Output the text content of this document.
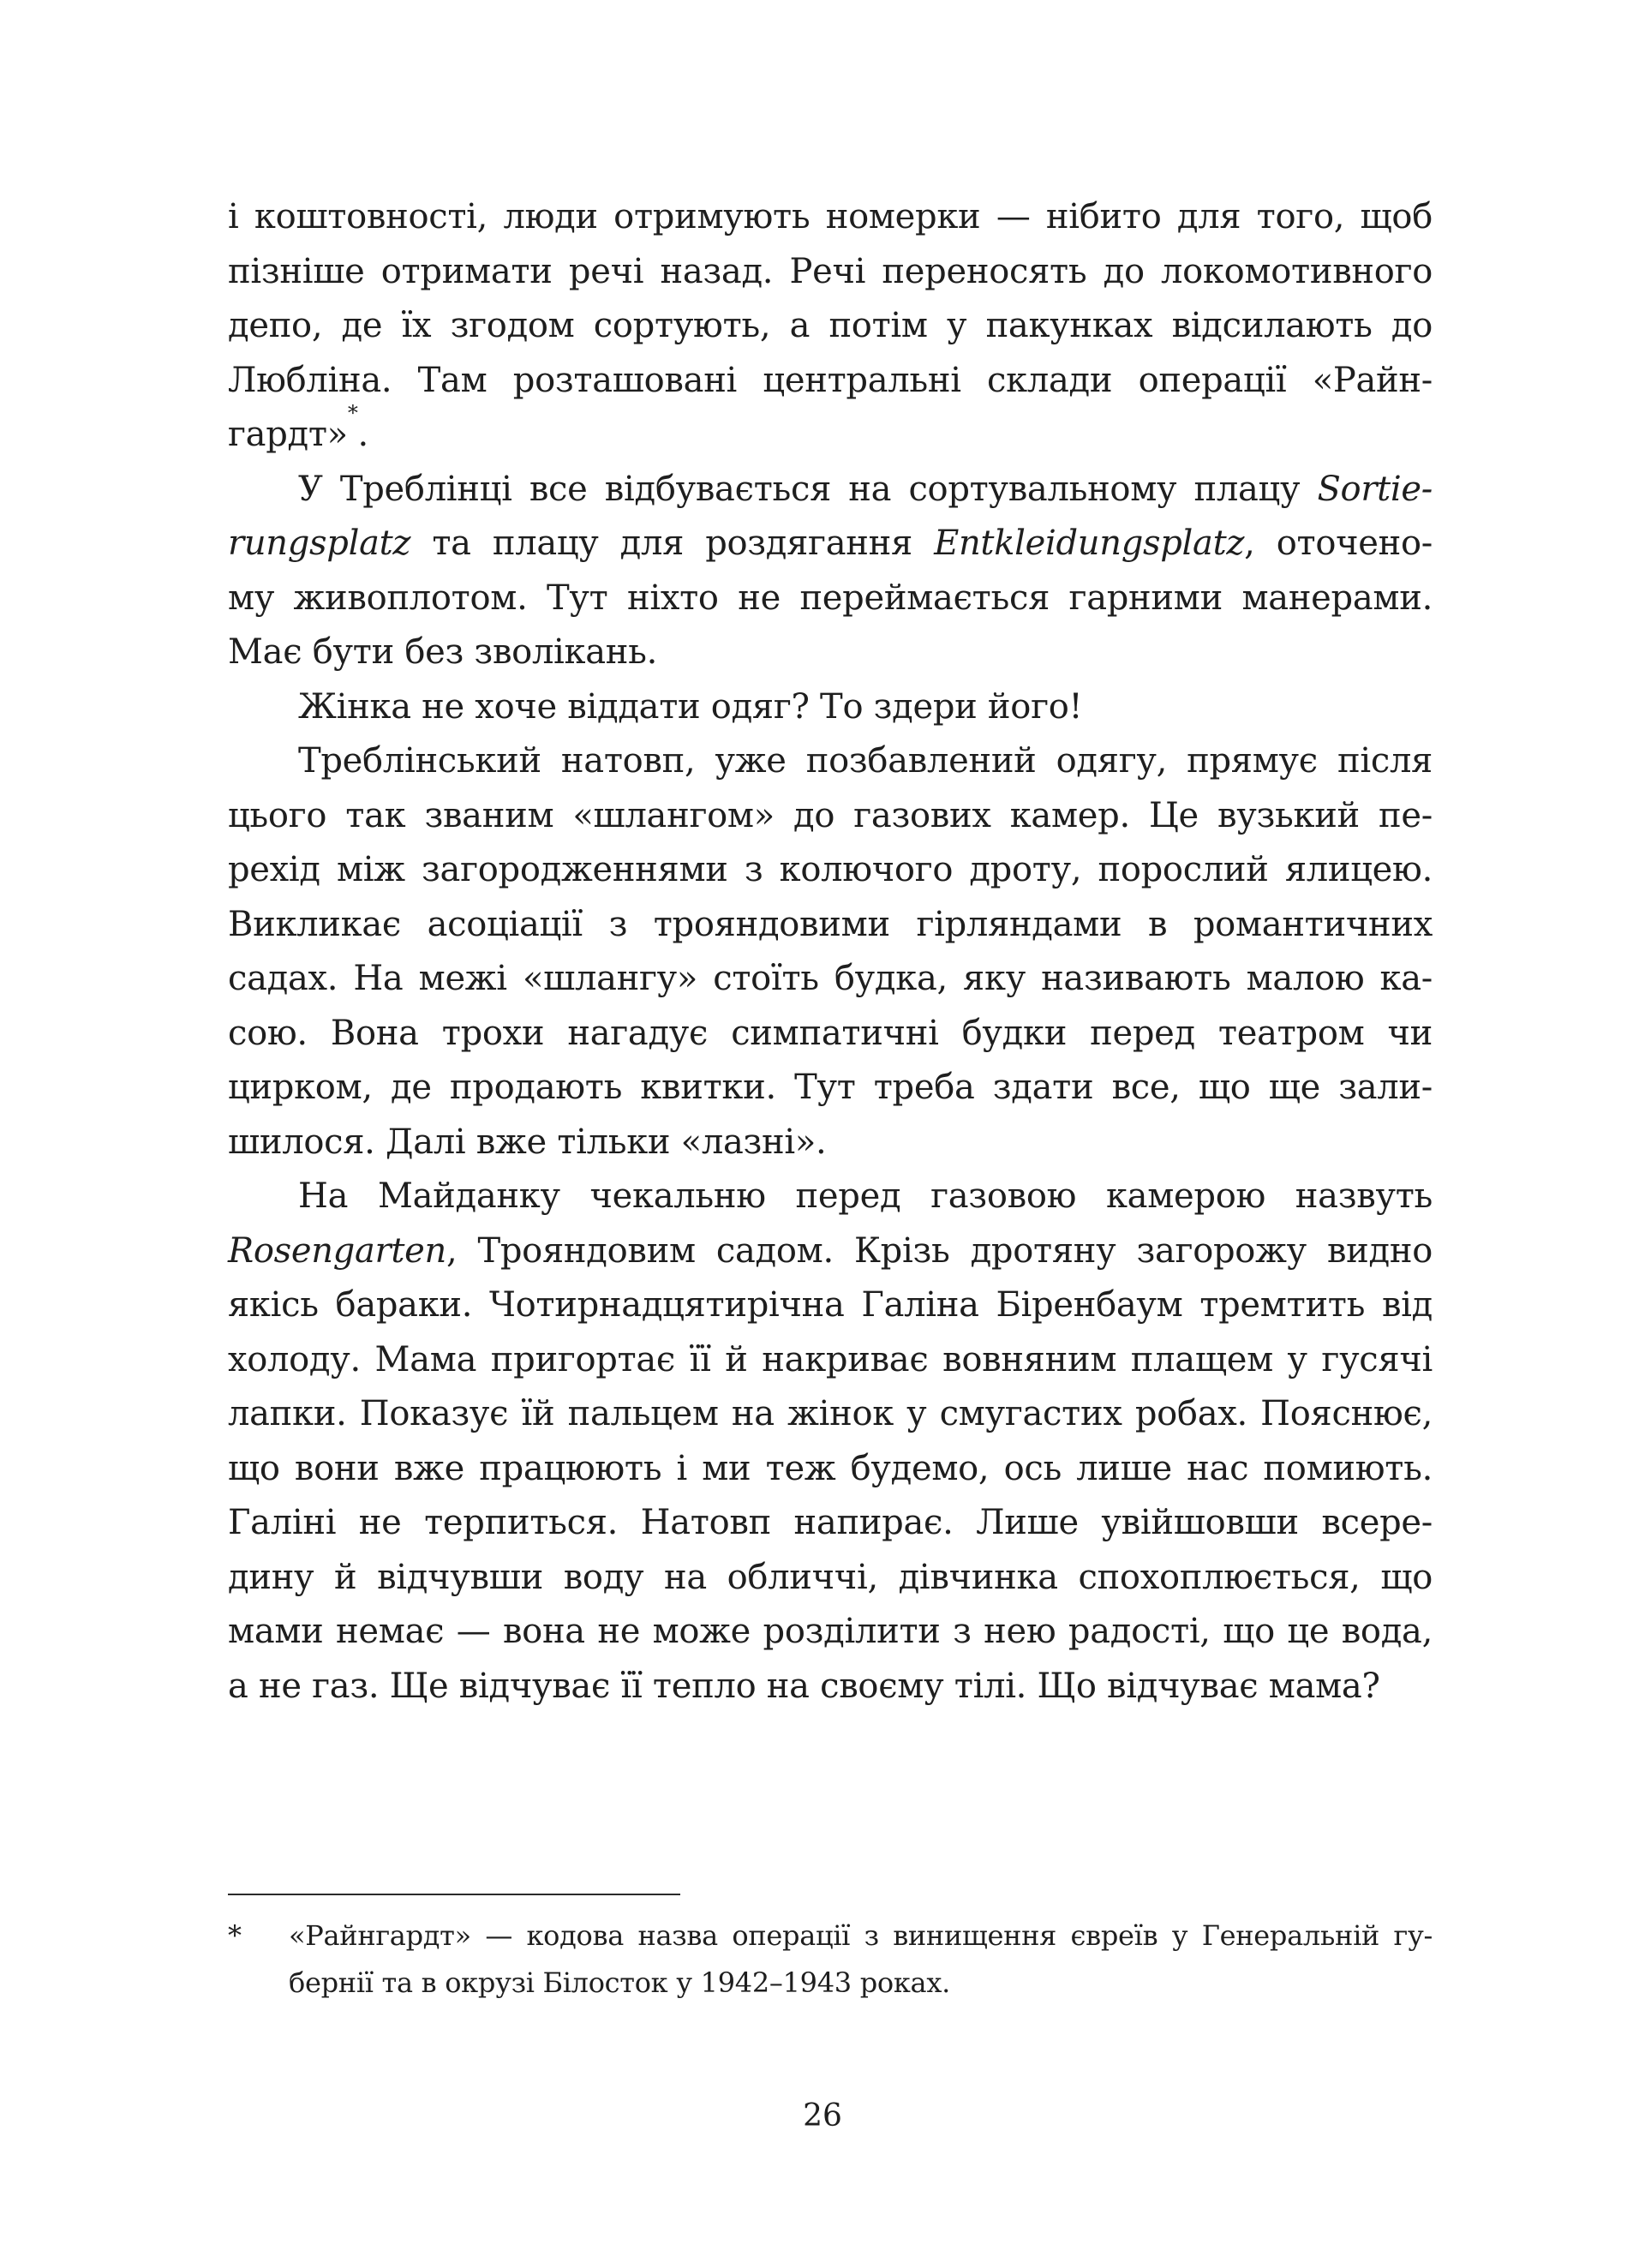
і коштовності, люди отримують номерки — нібито для того, щоб
пізніше отримати речі назад. Речі переносять до локомотивного
депо, де їх згодом сортують, а потім у пакунках відсилають до
Любліна. Там розташовані центральні склади операції «Райн-
гардт»*.
У Треблінці все відбувається на сортувальному плацу Sortie-
rungsplatz та плацу для роздягання Entkleidungsplatz, оточено-
му живоплотом. Тут ніхто не переймається гарними манерами.
Має бути без зволікань.
Жінка не хоче віддати одяг? То здери його!
Треблінський натовп, уже позбавлений одягу, прямує після
цього так званим «шлангом» до газових камер. Це вузький пе-
рехід між загородженнями з колючого дроту, порослий ялицею.
Викликає асоціації з трояндовими гірляндами в романтичних
садах. На межі «шлангу» стоїть будка, яку називають малою ка-
сою. Вона трохи нагадує симпатичні будки перед театром чи
цирком, де продають квитки. Тут треба здати все, що ще зали-
шилося. Далі вже тільки «лазні».
На Майданку чекальню перед газовою камерою назвуть
Rosengarten, Трояндовим садом. Крізь дротяну загорожу видно
якісь бараки. Чотирнадцятирічна Галіна Біренбаум тремтить від
холоду. Мама пригортає її й накриває вовняним плащем у гусячі
лапки. Показує їй пальцем на жінок у смугастих робах. Пояснює,
що вони вже працюють і ми теж будемо, ось лише нас помиють.
Галіні не терпиться. Натовп напирає. Лише увійшовши всере-
дину й відчувши воду на обличчі, дівчинка спохоплюється, що
мами немає — вона не може розділити з нею радості, що це вода,
а не газ. Ще відчуває її тепло на своєму тілі. Що відчуває мама?
* «Райнгардт» — кодова назва операції з винищення євреїв у Генеральній гу-
бернії та в окрузі Білосток у 1942–1943 роках.
26
